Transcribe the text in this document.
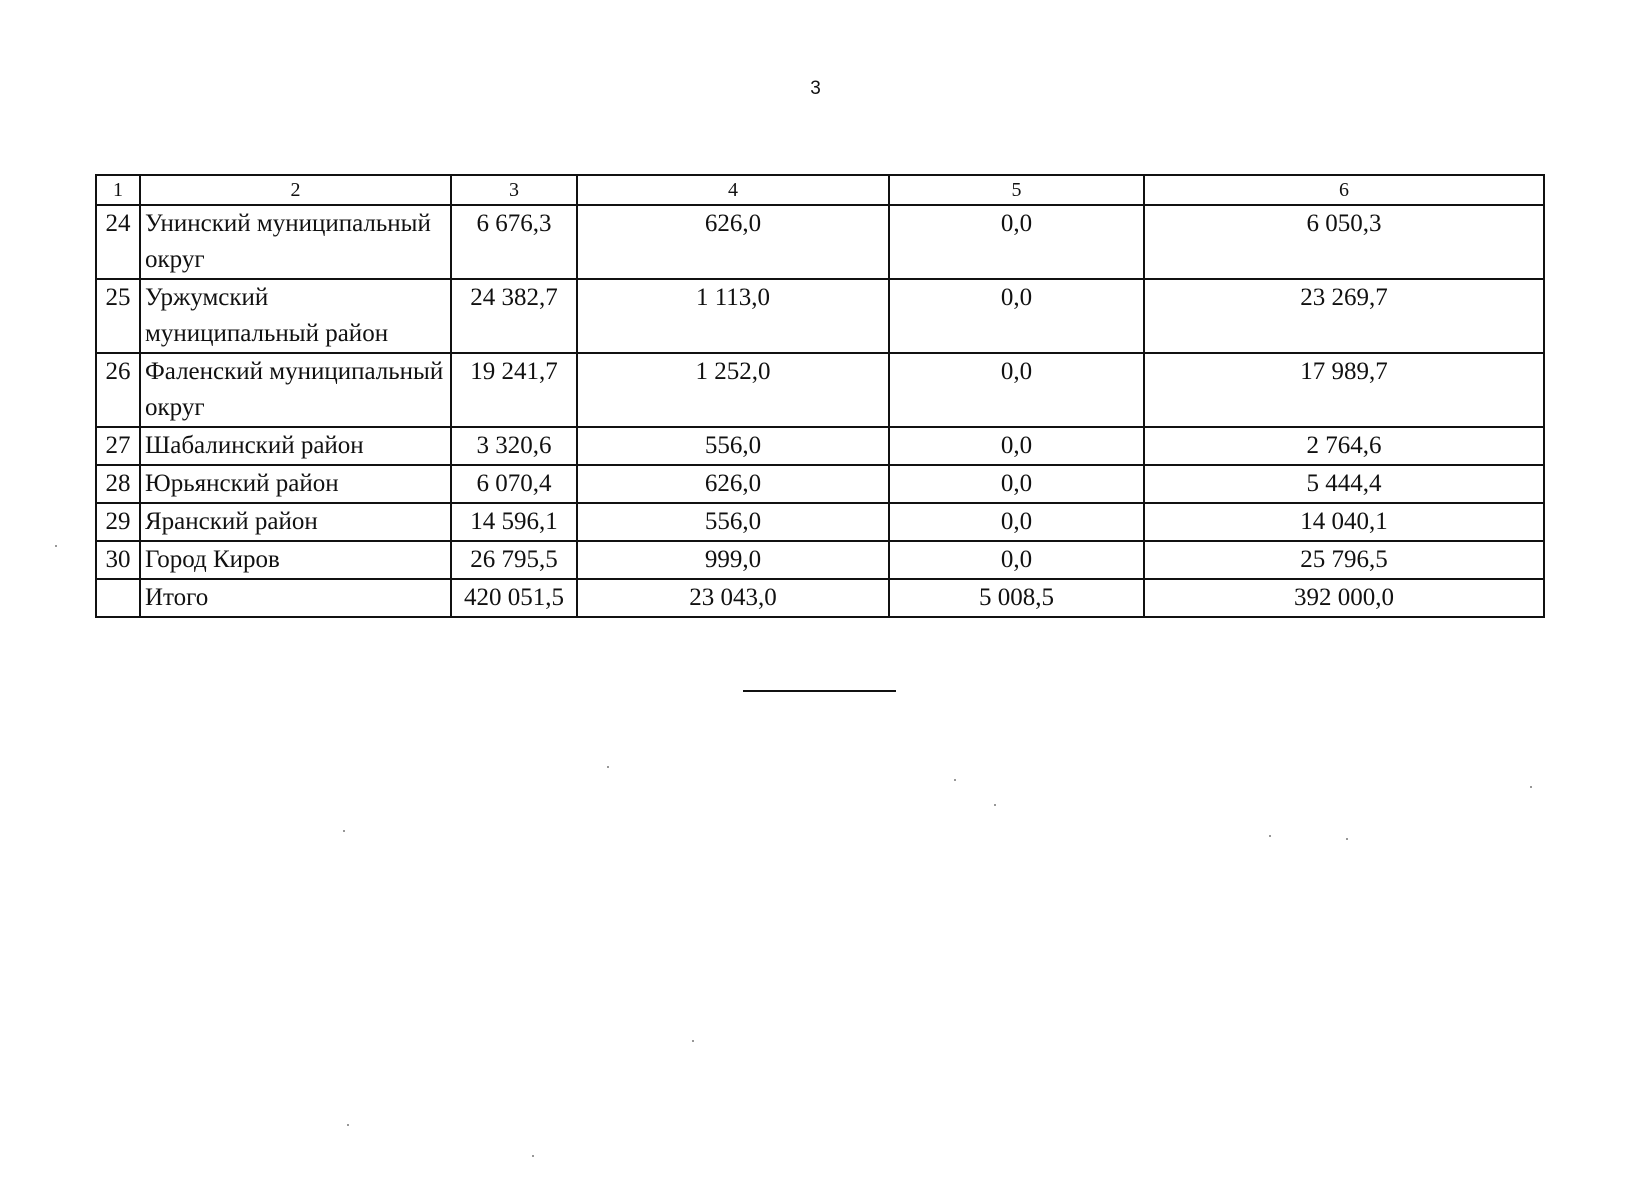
3
1	2	3	4	5	6
24	Унинский муниципальный округ	6 676,3	626,0	0,0	6 050,3
25	Уржумский муниципальный район	24 382,7	1 113,0	0,0	23 269,7
26	Фаленский муниципальный округ	19 241,7	1 252,0	0,0	17 989,7
27	Шабалинский район	3 320,6	556,0	0,0	2 764,6
28	Юрьянский район	6 070,4	626,0	0,0	5 444,4
29	Яранский район	14 596,1	556,0	0,0	14 040,1
30	Город Киров	26 795,5	999,0	0,0	25 796,5
	Итого	420 051,5	23 043,0	5 008,5	392 000,0
